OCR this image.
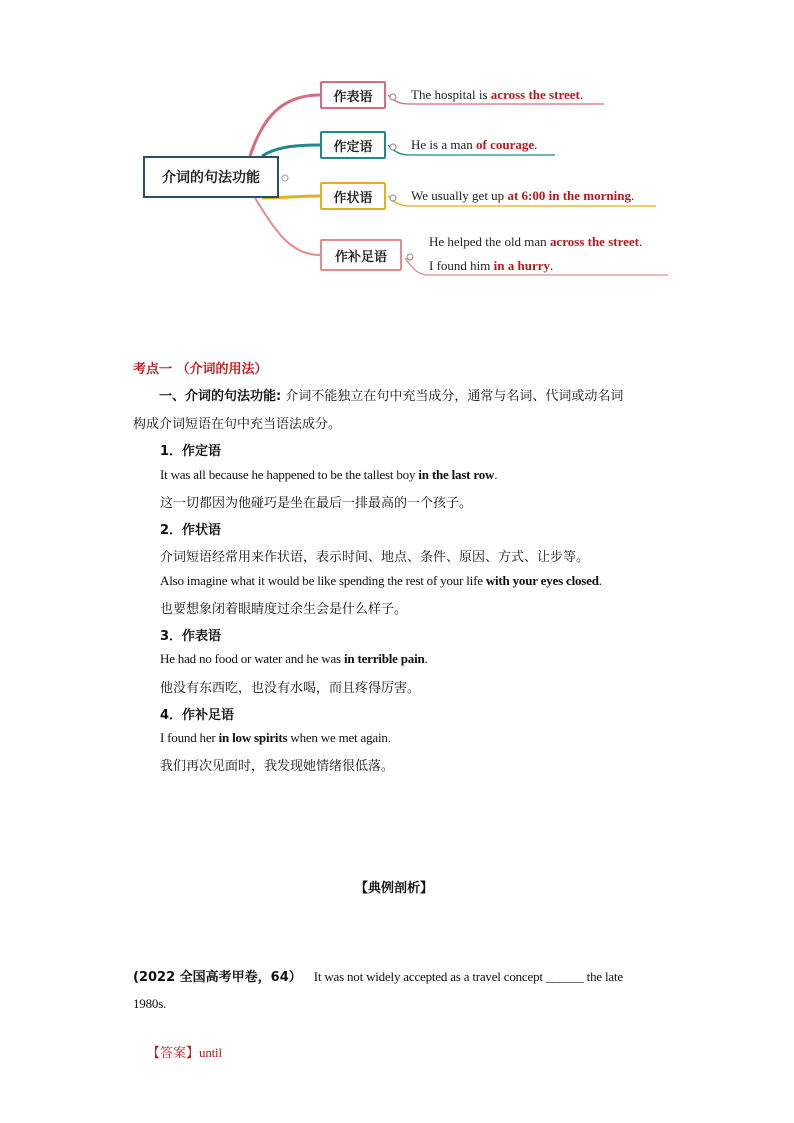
介词的句法功能
作表语
作定语
作状语
作补足语
The hospital is across the street.
He is a man of courage.
We usually get up at 6:00 in the morning.
He helped the old man across the street.
I found him in a hurry.
考点一 （介词的用法）
一、介词的句法功能: 介词不能独立在句中充当成分，通常与名词、代词或动名词
构成介词短语在句中充当语法成分。
1．作定语
It was all because he happened to be the tallest boy in the last row.
这一切都因为他碰巧是坐在最后一排最高的一个孩子。
2．作状语
介词短语经常用来作状语，表示时间、地点、条件、原因、方式、让步等。
Also imagine what it would be like spending the rest of your life with your eyes closed.
也要想象闭着眼睛度过余生会是什么样子。
3．作表语
He had no food or water and he was in terrible pain.
他没有东西吃，也没有水喝，而且疼得厉害。
4．作补足语
I found her in low spirits when we met again.
我们再次见面时，我发现她情绪很低落。
【典例剖析】
(2022 全国高考甲卷，64） It was not widely accepted as a travel concept ______ the late
1980s.
【答案】until
